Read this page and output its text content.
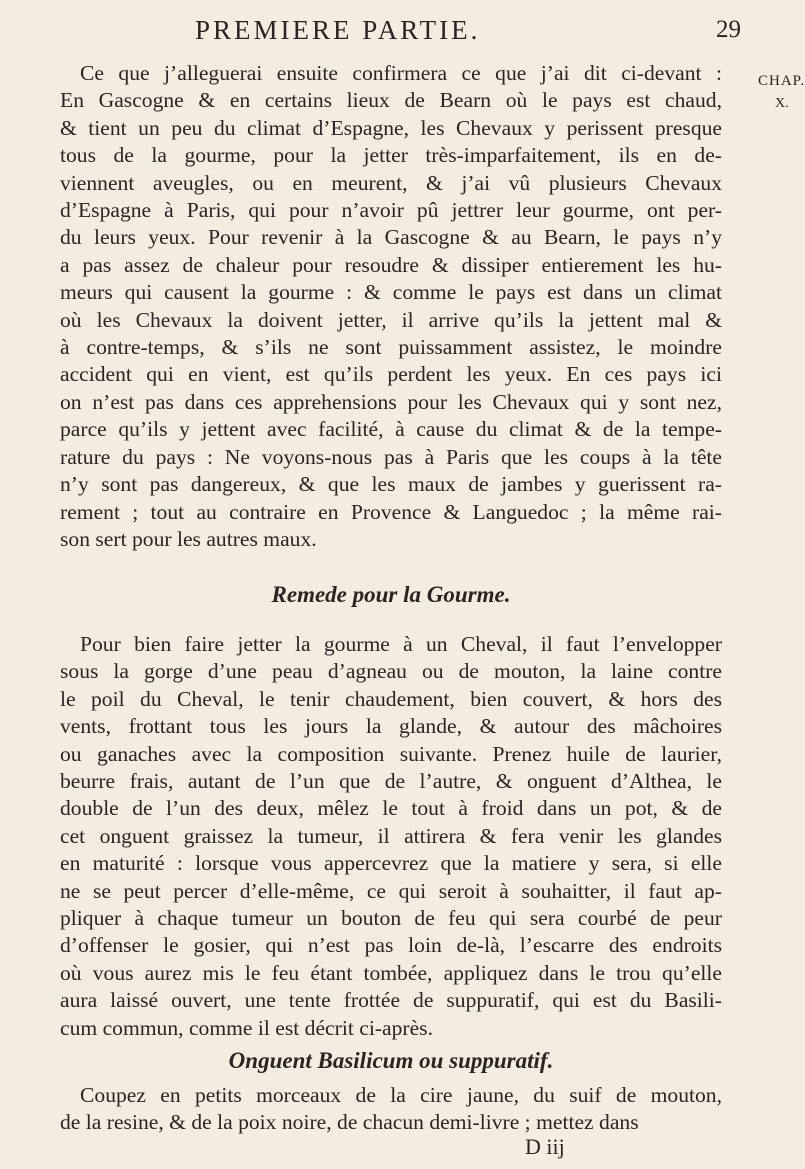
PREMIERE PARTIE.	29
CHAP.
X.
Ce que j’alleguerai ensuite confirmera ce que j’ai dit ci-devant :
En Gascogne & en certains lieux de Bearn où le pays est chaud,
& tient un peu du climat d’Espagne, les Chevaux y perissent presque
tous de la gourme, pour la jetter très-imparfaitement, ils en de-
viennent aveugles, ou en meurent, & j’ai vû plusieurs Chevaux
d’Espagne à Paris, qui pour n’avoir pû jettrer leur gourme, ont per-
du leurs yeux. Pour revenir à la Gascogne & au Bearn, le pays n’y
a pas assez de chaleur pour resoudre & dissiper entierement les hu-
meurs qui causent la gourme : & comme le pays est dans un climat
où les Chevaux la doivent jetter, il arrive qu’ils la jettent mal &
à contre-temps, & s’ils ne sont puissamment assistez, le moindre
accident qui en vient, est qu’ils perdent les yeux. En ces pays ici
on n’est pas dans ces apprehensions pour les Chevaux qui y sont nez,
parce qu’ils y jettent avec facilité, à cause du climat & de la tempe-
rature du pays : Ne voyons-nous pas à Paris que les coups à la tête
n’y sont pas dangereux, & que les maux de jambes y guerissent ra-
rement ; tout au contraire en Provence & Languedoc ; la même rai-
son sert pour les autres maux.
Remede pour la Gourme.
Pour bien faire jetter la gourme à un Cheval, il faut l’envelopper
sous la gorge d’une peau d’agneau ou de mouton, la laine contre
le poil du Cheval, le tenir chaudement, bien couvert, & hors des
vents, frottant tous les jours la glande, & autour des mâchoires
ou ganaches avec la composition suivante. Prenez huile de laurier,
beurre frais, autant de l’un que de l’autre, & onguent d’Althea, le
double de l’un des deux, mêlez le tout à froid dans un pot, & de
cet onguent graissez la tumeur, il attirera & fera venir les glandes
en maturité : lorsque vous appercevrez que la matiere y sera, si elle
ne se peut percer d’elle-même, ce qui seroit à souhaitter, il faut ap-
pliquer à chaque tumeur un bouton de feu qui sera courbé de peur
d’offenser le gosier, qui n’est pas loin de-là, l’escarre des endroits
où vous aurez mis le feu étant tombée, appliquez dans le trou qu’elle
aura laissé ouvert, une tente frottée de suppuratif, qui est du Basili-
cum commun, comme il est décrit ci-après.
Onguent Basilicum ou suppuratif.
Coupez en petits morceaux de la cire jaune, du suif de mouton,
de la resine, & de la poix noire, de chacun demi-livre ; mettez dans
D iij
